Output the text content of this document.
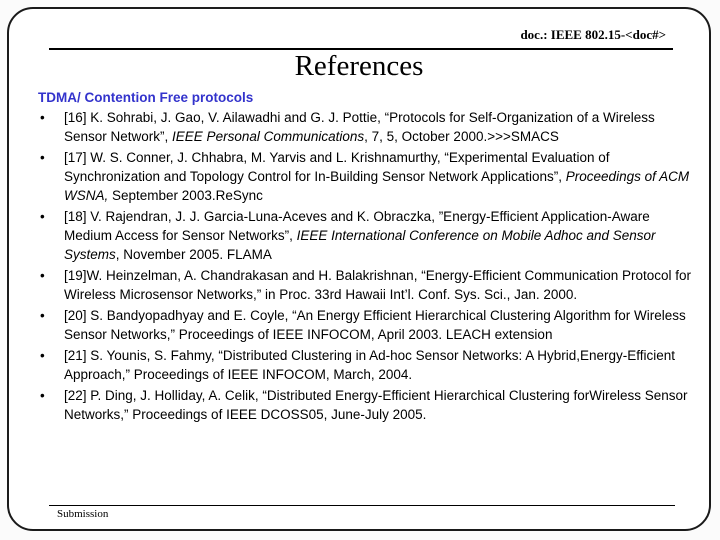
doc.: IEEE 802.15-<doc#>
References
TDMA/ Contention Free protocols
•	[16] K. Sohrabi, J. Gao, V. Ailawadhi and G. J. Pottie, “Protocols for Self-Organization of a Wireless Sensor Network”, IEEE Personal Communications, 7, 5, October 2000.>>>SMACS
•	[17] W. S. Conner, J. Chhabra, M. Yarvis and L. Krishnamurthy, “Experimental Evaluation of Synchronization and Topology Control for In-Building Sensor Network Applications”, Proceedings of ACM WSNA, September 2003.ReSync
•	[18] V. Rajendran, J. J. Garcia-Luna-Aceves and K. Obraczka, ”Energy-Efficient Application-Aware Medium Access for Sensor Networks”, IEEE International Conference on Mobile Adhoc and Sensor Systems, November 2005. FLAMA
•	[19]W. Heinzelman, A. Chandrakasan and H. Balakrishnan, “Energy-Efficient Communication Protocol for Wireless Microsensor Networks,” in Proc. 33rd Hawaii Int’l. Conf. Sys. Sci., Jan. 2000.
•	[20] S. Bandyopadhyay and E. Coyle, “An Energy Efficient Hierarchical Clustering Algorithm for Wireless Sensor Networks,” Proceedings of IEEE INFOCOM, April 2003. LEACH extension
•	[21] S. Younis, S. Fahmy, “Distributed Clustering in Ad-hoc Sensor Networks: A Hybrid,Energy-Efficient Approach,” Proceedings of IEEE INFOCOM, March, 2004.
•	[22] P. Ding, J. Holliday, A. Celik, “Distributed Energy-Efficient Hierarchical Clustering forWireless Sensor Networks,” Proceedings of IEEE DCOSS05, June-July 2005.
Submission
